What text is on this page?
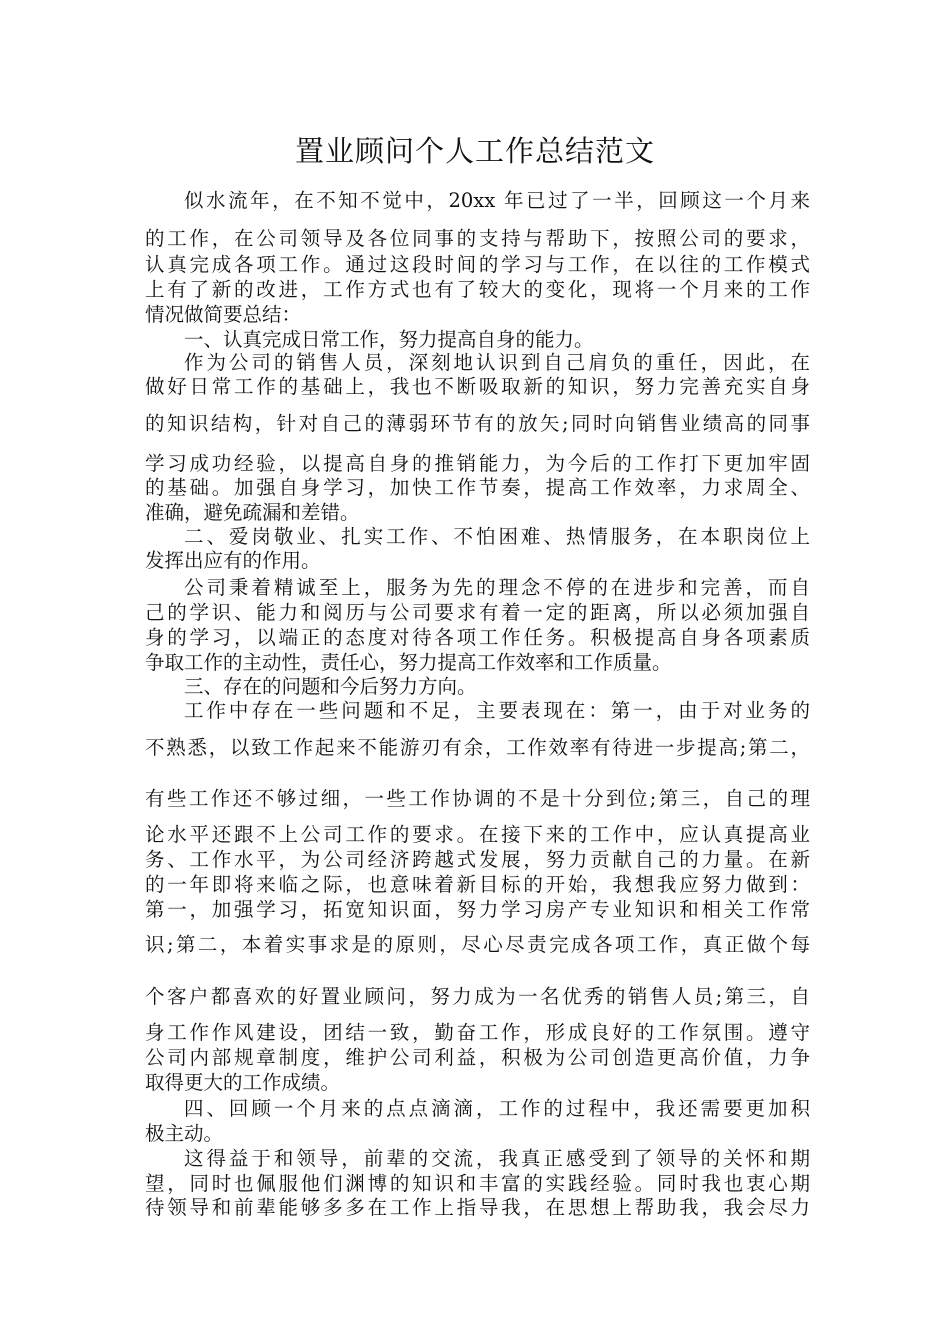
置业顾问个人工作总结范文
似水流年，在不知不觉中，20xx 年已过了一半，回顾这一个月来
的工作，在公司领导及各位同事的支持与帮助下，按照公司的要求，
认真完成各项工作。通过这段时间的学习与工作，在以往的工作模式
上有了新的改进，工作方式也有了较大的变化，现将一个月来的工作
情况做简要总结：
一、认真完成日常工作，努力提高自身的能力。
作为公司的销售人员，深刻地认识到自己肩负的重任，因此，在
做好日常工作的基础上，我也不断吸取新的知识，努力完善充实自身
的知识结构，针对自己的薄弱环节有的放矢;同时向销售业绩高的同事
学习成功经验，以提高自身的推销能力，为今后的工作打下更加牢固
的基础。加强自身学习，加快工作节奏，提高工作效率，力求周全、
准确，避免疏漏和差错。
二、爱岗敬业、扎实工作、不怕困难、热情服务，在本职岗位上
发挥出应有的作用。
公司秉着精诚至上，服务为先的理念不停的在进步和完善，而自
己的学识、能力和阅历与公司要求有着一定的距离，所以必须加强自
身的学习，以端正的态度对待各项工作任务。积极提高自身各项素质
争取工作的主动性，责任心，努力提高工作效率和工作质量。
三、存在的问题和今后努力方向。
工作中存在一些问题和不足，主要表现在：第一，由于对业务的
不熟悉，以致工作起来不能游刃有余，工作效率有待进一步提高;第二，
有些工作还不够过细，一些工作协调的不是十分到位;第三，自己的理
论水平还跟不上公司工作的要求。在接下来的工作中，应认真提高业
务、工作水平，为公司经济跨越式发展，努力贡献自己的力量。在新
的一年即将来临之际，也意味着新目标的开始，我想我应努力做到：
第一，加强学习，拓宽知识面，努力学习房产专业知识和相关工作常
识;第二，本着实事求是的原则，尽心尽责完成各项工作，真正做个每
个客户都喜欢的好置业顾问，努力成为一名优秀的销售人员;第三，自
身工作作风建设，团结一致，勤奋工作，形成良好的工作氛围。遵守
公司内部规章制度，维护公司利益，积极为公司创造更高价值，力争
取得更大的工作成绩。
四、回顾一个月来的点点滴滴，工作的过程中，我还需要更加积
极主动。
这得益于和领导，前辈的交流，我真正感受到了领导的关怀和期
望，同时也佩服他们渊博的知识和丰富的实践经验。同时我也衷心期
待领导和前辈能够多多在工作上指导我，在思想上帮助我，我会尽力
